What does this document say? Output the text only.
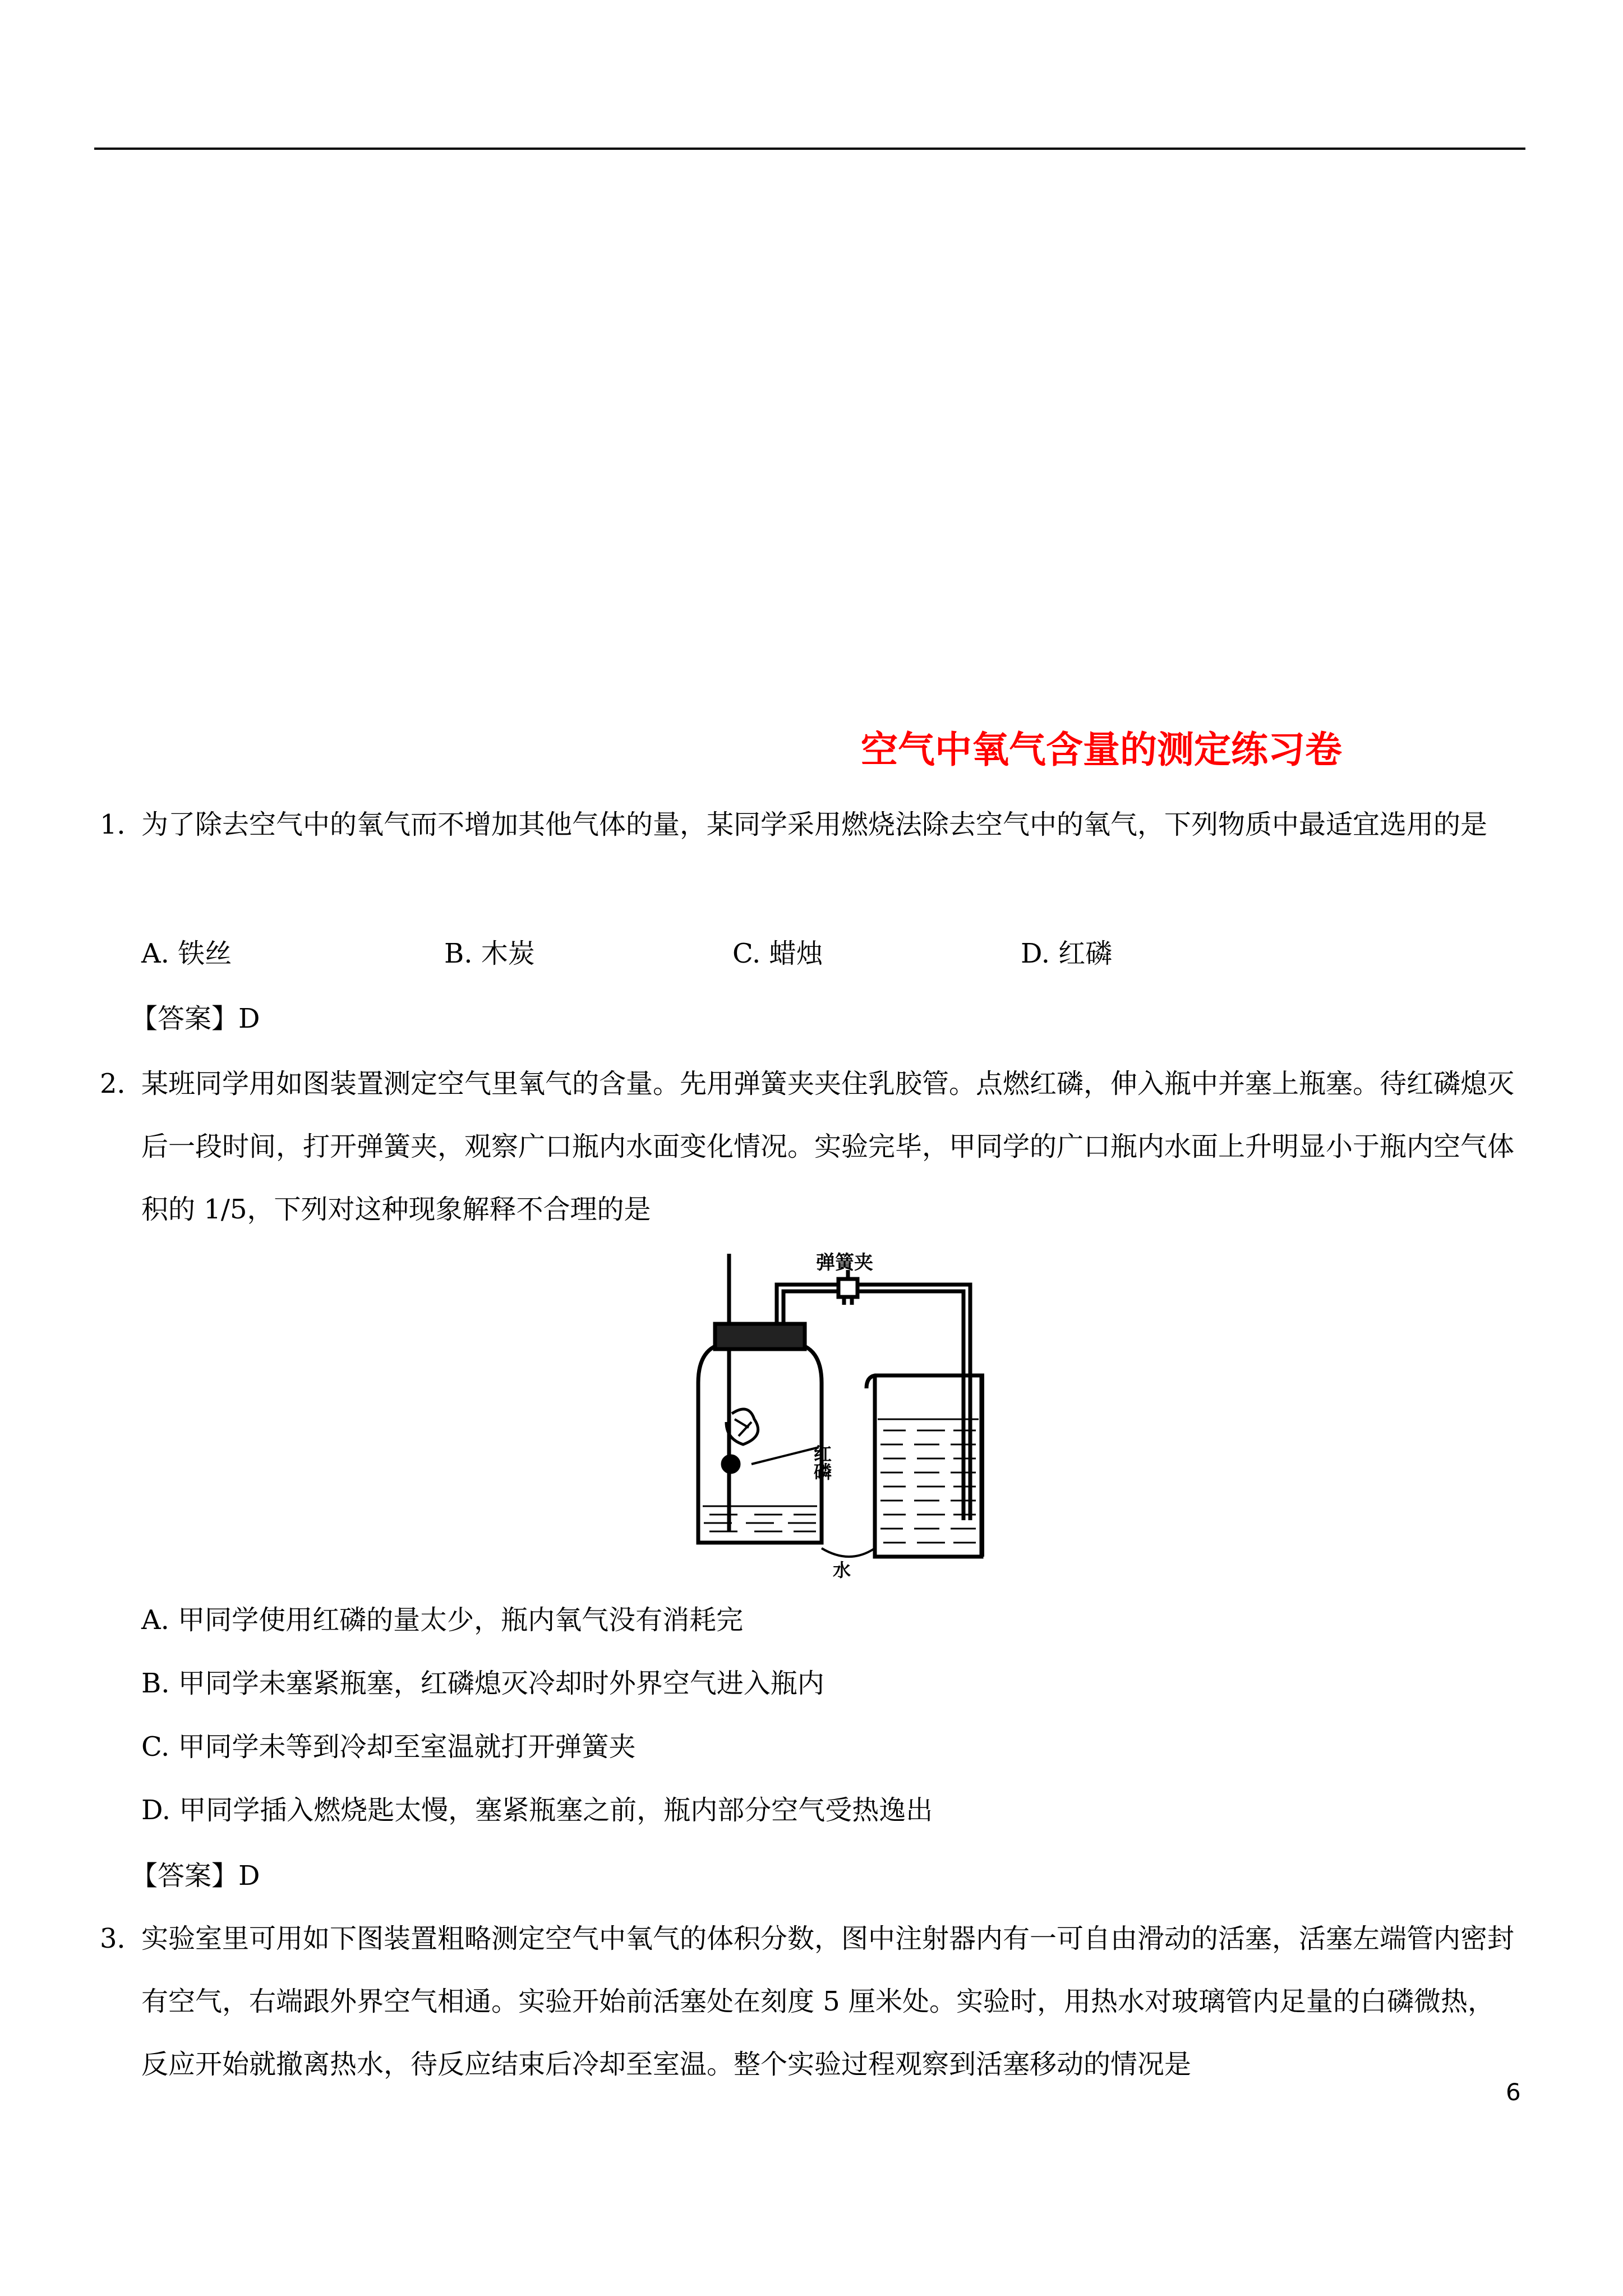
空气中氧气含量的测定练习卷
1．
为了除去空气中的氧气而不增加其他气体的量，某同学采用燃烧法除去空气中的氧气，下列物质中最适宜选用的是
A. 铁丝	B. 木炭	C. 蜡烛	D. 红磷
【答案】D
2．
某班同学用如图装置测定空气里氧气的含量。先用弹簧夹夹住乳胶管。点燃红磷，伸入瓶中并塞上瓶塞。待红磷熄灭后一段时间，打开弹簧夹，观察广口瓶内水面变化情况。实验完毕，甲同学的广口瓶内水面上升明显小于瓶内空气体积的 1/5，下列对这种现象解释不合理的是
弹簧夹
红磷
水
A. 甲同学使用红磷的量太少，瓶内氧气没有消耗完
B. 甲同学未塞紧瓶塞，红磷熄灭冷却时外界空气进入瓶内
C. 甲同学未等到冷却至室温就打开弹簧夹
D. 甲同学插入燃烧匙太慢，塞紧瓶塞之前，瓶内部分空气受热逸出
【答案】D
3．
实验室里可用如下图装置粗略测定空气中氧气的体积分数，图中注射器内有一可自由滑动的活塞，活塞左端管内密封有空气，右端跟外界空气相通。实验开始前活塞处在刻度 5 厘米处。实验时，用热水对玻璃管内足量的白磷微热，反应开始就撤离热水，待反应结束后冷却至室温。整个实验过程观察到活塞移动的情况是
6
